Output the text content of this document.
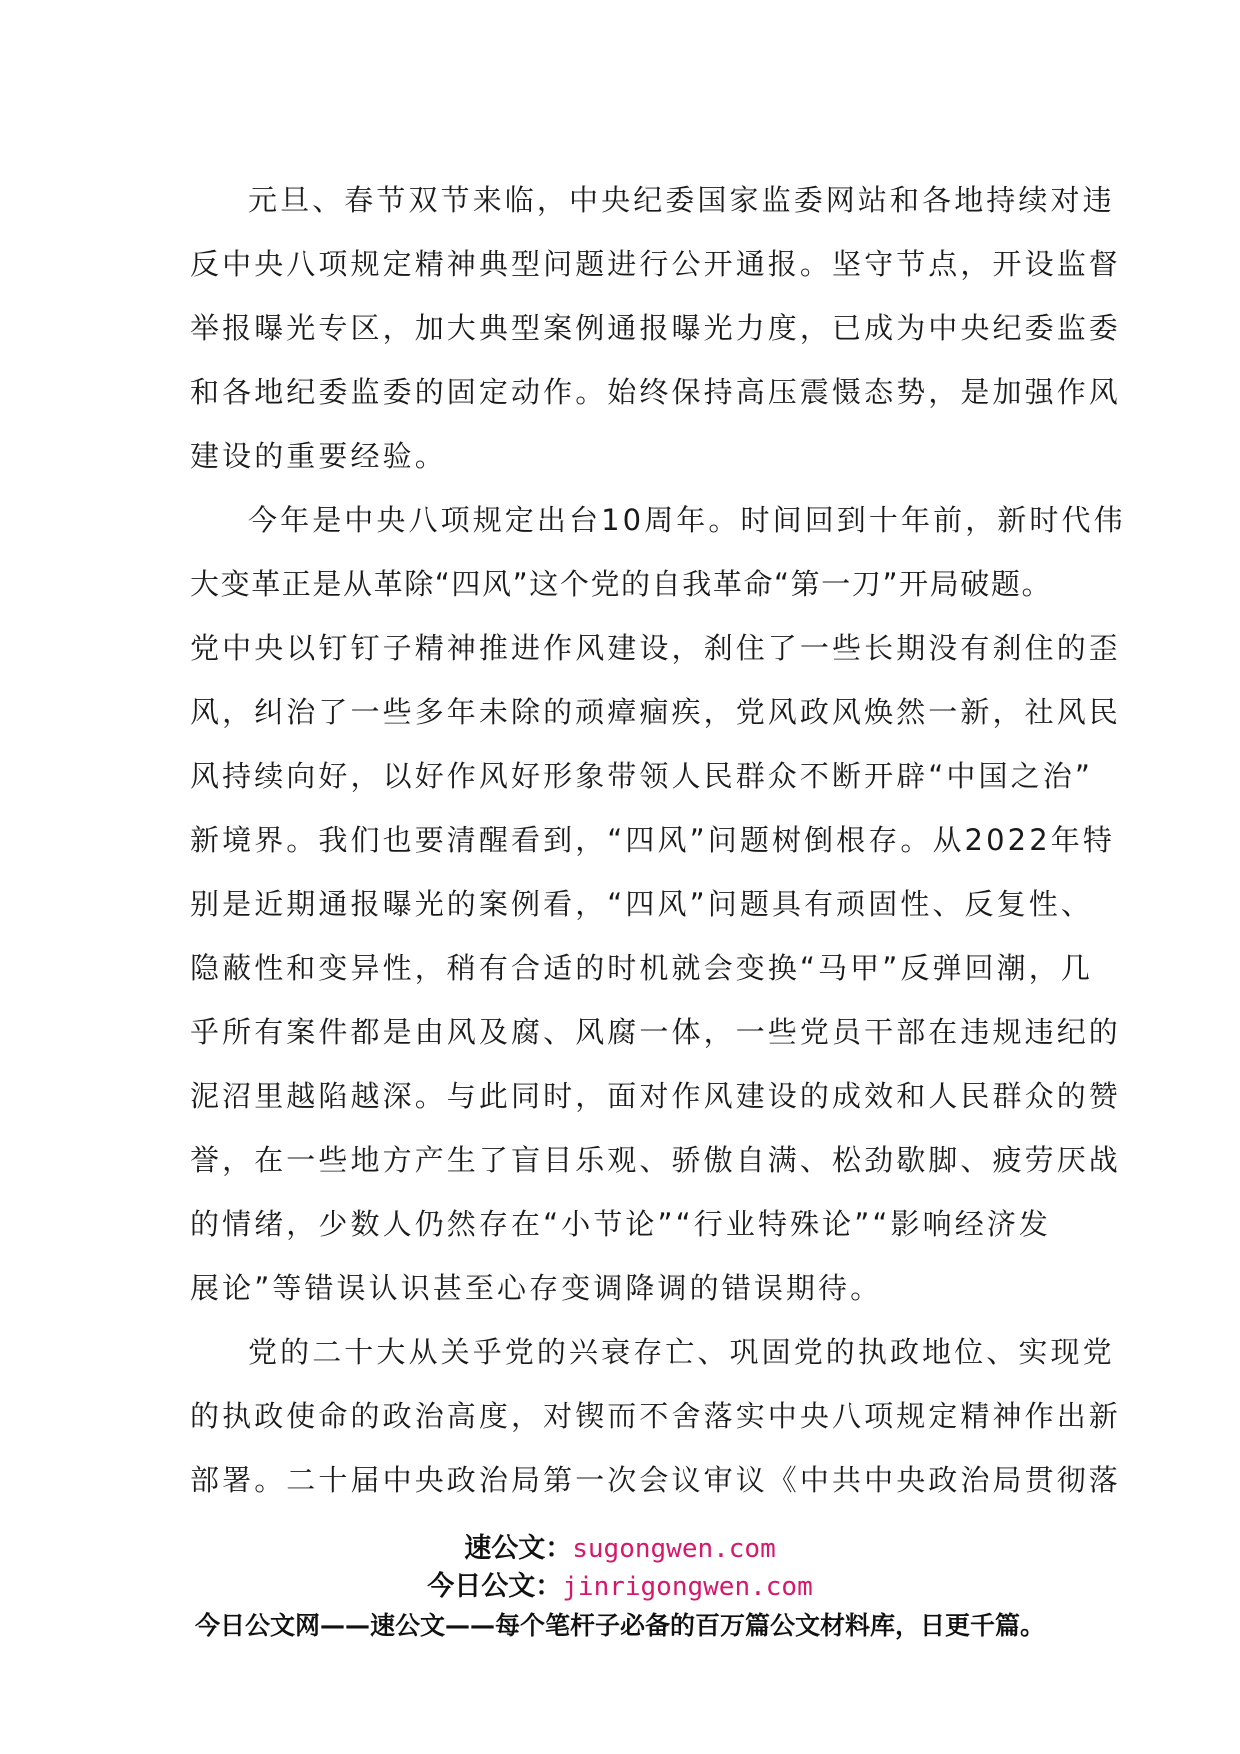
元旦、春节双节来临，中央纪委国家监委网站和各地持续对违
反中央八项规定精神典型问题进行公开通报。坚守节点，开设监督
举报曝光专区，加大典型案例通报曝光力度，已成为中央纪委监委
和各地纪委监委的固定动作。始终保持高压震慑态势，是加强作风
建设的重要经验。
今年是中央八项规定出台10周年。时间回到十年前，新时代伟
大变革正是从革除“四风”这个党的自我革命“第一刀”开局破题。
党中央以钉钉子精神推进作风建设，刹住了一些长期没有刹住的歪
风，纠治了一些多年未除的顽瘴痼疾，党风政风焕然一新，社风民
风持续向好，以好作风好形象带领人民群众不断开辟“中国之治”
新境界。我们也要清醒看到，“四风”问题树倒根存。从2022年特
别是近期通报曝光的案例看，“四风”问题具有顽固性、反复性、
隐蔽性和变异性，稍有合适的时机就会变换“马甲”反弹回潮，几
乎所有案件都是由风及腐、风腐一体，一些党员干部在违规违纪的
泥沼里越陷越深。与此同时，面对作风建设的成效和人民群众的赞
誉，在一些地方产生了盲目乐观、骄傲自满、松劲歇脚、疲劳厌战
的情绪，少数人仍然存在“小节论”“行业特殊论”“影响经济发
展论”等错误认识甚至心存变调降调的错误期待。
党的二十大从关乎党的兴衰存亡、巩固党的执政地位、实现党
的执政使命的政治高度，对锲而不舍落实中央八项规定精神作出新
部署。二十届中央政治局第一次会议审议《中共中央政治局贯彻落
速公文：sugongwen.com
今日公文：jinrigongwen.com
今日公文网——速公文——每个笔杆子必备的百万篇公文材料库，日更千篇。
